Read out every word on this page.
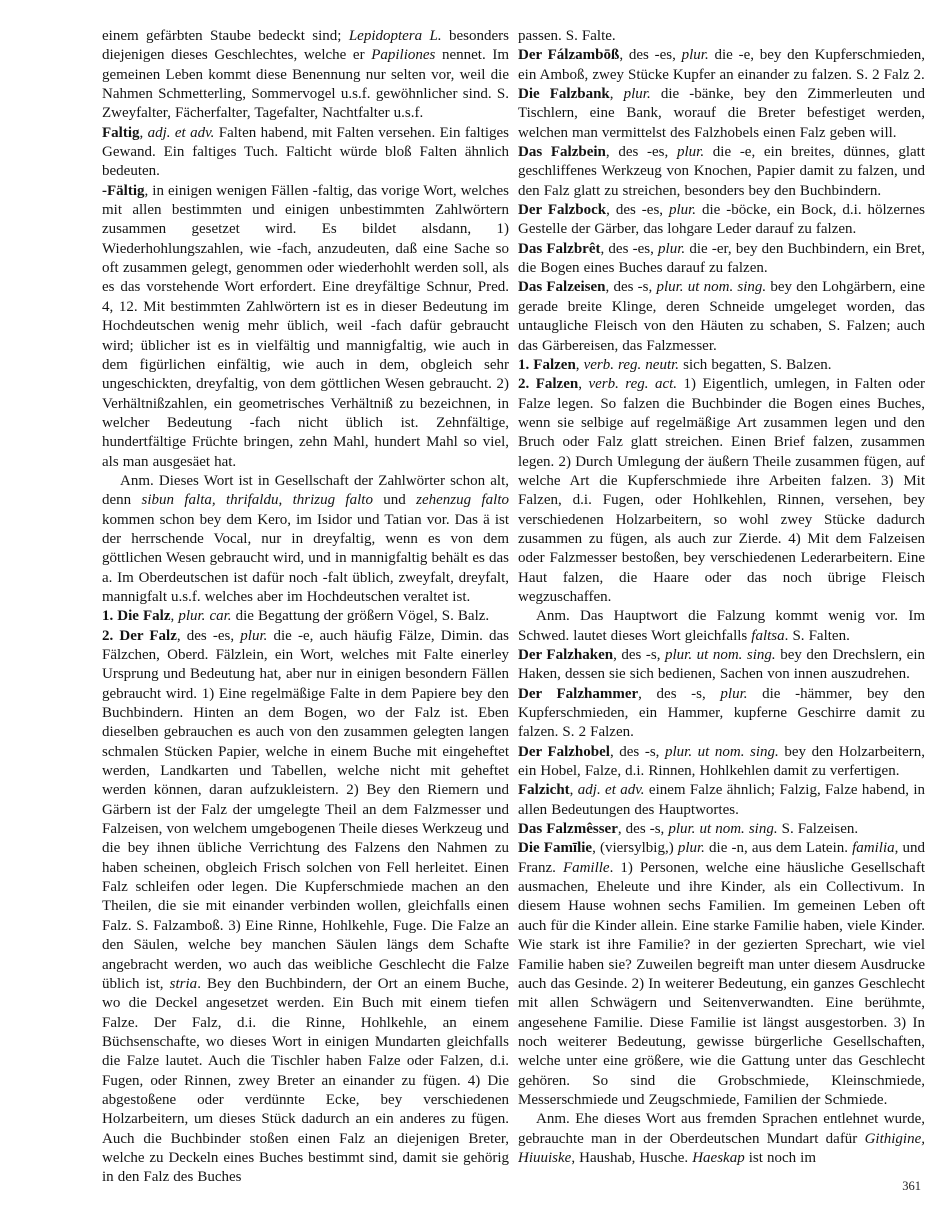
einem gefärbten Staube bedeckt sind; Lepidoptera L. besonders diejenigen dieses Geschlechtes, welche er Papiliones nennet. Im gemeinen Leben kommt diese Benennung nur selten vor, weil die Nahmen Schmetterling, Sommervogel u.s.f. gewöhnlicher sind. S. Zweyfalter, Fächerfalter, Tagefalter, Nachtfalter u.s.f.

Faltig, adj. et adv. Falten habend, mit Falten versehen. Ein faltiges Gewand. Ein faltiges Tuch. Falticht würde bloß Falten ähnlich bedeuten.

-Fältig, in einigen wenigen Fällen -faltig, das vorige Wort, welches mit allen bestimmten und einigen unbestimmten Zahlwörtern zusammen gesetzet wird. Es bildet alsdann, 1) Wiederhohlungszahlen, wie -fach, anzudeuten, daß eine Sache so oft zusammen gelegt, genommen oder wiederhohlt werden soll, als es das vorstehende Wort erfordert. Eine dreyfältige Schnur, Pred. 4, 12. Mit bestimmten Zahlwörtern ist es in dieser Bedeutung im Hochdeutschen wenig mehr üblich, weil -fach dafür gebraucht wird; üblicher ist es in vielfältig und mannigfaltig, wie auch in dem figürlichen einfältig, wie auch in dem, obgleich sehr ungeschickten, dreyfaltig, von dem göttlichen Wesen gebraucht. 2) Verhältnißzahlen, ein geometrisches Verhältniß zu bezeichnen, in welcher Bedeutung -fach nicht üblich ist. Zehnfältige, hundertfältige Früchte bringen, zehn Mahl, hundert Mahl so viel, als man ausgesäet hat.

Anm. Dieses Wort ist in Gesellschaft der Zahlwörter schon alt, denn sibun falta, thrifaldu, thrizug falto und zehenzug falto kommen schon bey dem Kero, im Isidor und Tatian vor. Das ä ist der herrschende Vocal, nur in dreyfaltig, wenn es von dem göttlichen Wesen gebraucht wird, und in mannigfaltig behält es das a. Im Oberdeutschen ist dafür noch -falt üblich, zweyfalt, dreyfalt, mannigfalt u.s.f. welches aber im Hochdeutschen veraltet ist.

1. Die Falz, plur. car. die Begattung der größern Vögel, S. Balz.

2. Der Falz, des -es, plur. die -e, auch häufig Fälze, Dimin. das Fälzchen, Oberd. Fälzlein, ein Wort, welches mit Falte einerley Ursprung und Bedeutung hat, aber nur in einigen besondern Fällen gebraucht wird. 1) Eine regelmäßige Falte in dem Papiere bey den Buchbindern. Hinten an dem Bogen, wo der Falz ist. Eben dieselben gebrauchen es auch von den zusammen gelegten langen schmalen Stücken Papier, welche in einem Buche mit eingeheftet werden, Landkarten und Tabellen, welche nicht mit geheftet werden können, daran aufzukleistern. 2) Bey den Riemern und Gärbern ist der Falz der umgelegte Theil an dem Falzmesser und Falzeisen, von welchem umgebogenen Theile dieses Werkzeug und die bey ihnen übliche Verrichtung des Falzens den Nahmen zu haben scheinen, obgleich Frisch solchen von Fell herleitet. Einen Falz schleifen oder legen. Die Kupferschmiede machen an den Theilen, die sie mit einander verbinden wollen, gleichfalls einen Falz. S. Falzamboß. 3) Eine Rinne, Hohlkehle, Fuge. Die Falze an den Säulen, welche bey manchen Säulen längs dem Schafte angebracht werden, wo auch das weibliche Geschlecht die Falze üblich ist, stria. Bey den Buchbindern, der Ort an einem Buche, wo die Deckel angesetzet werden. Ein Buch mit einem tiefen Falze. Der Falz, d.i. die Rinne, Hohlkehle, an einem Büchsenschafte, wo dieses Wort in einigen Mundarten gleichfalls die Falze lautet. Auch die Tischler haben Falze oder Falzen, d.i. Fugen, oder Rinnen, zwey Breter an einander zu fügen. 4) Die abgestoßene oder verdünnte Ecke, bey verschiedenen Holzarbeitern, um dieses Stück dadurch an ein anderes zu fügen. Auch die Buchbinder stoßen einen Falz an diejenigen Breter, welche zu Deckeln eines Buches bestimmt sind, damit sie gehörig in den Falz des Buches

passen. S. Falte.

Der Fálzambōß, des -es, plur. die -e, bey den Kupferschmieden, ein Amboß, zwey Stücke Kupfer an einander zu falzen. S. 2 Falz 2.

Die Falzbank, plur. die -bänke, bey den Zimmerleuten und Tischlern, eine Bank, worauf die Breter befestiget werden, welchen man vermittelst des Falzhobels einen Falz geben will.

Das Falzbein, des -es, plur. die -e, ein breites, dünnes, glatt geschliffenes Werkzeug von Knochen, Papier damit zu falzen, und den Falz glatt zu streichen, besonders bey den Buchbindern.

Der Falzbock, des -es, plur. die -böcke, ein Bock, d.i. hölzernes Gestelle der Gärber, das lohgare Leder darauf zu falzen.

Das Falzbrêt, des -es, plur. die -er, bey den Buchbindern, ein Bret, die Bogen eines Buches darauf zu falzen.

Das Falzeisen, des -s, plur. ut nom. sing. bey den Lohgärbern, eine gerade breite Klinge, deren Schneide umgeleget worden, das untaugliche Fleisch von den Häuten zu schaben, S. Falzen; auch das Gärbereisen, das Falzmesser.

1. Falzen, verb. reg. neutr. sich begatten, S. Balzen.

2. Falzen, verb. reg. act. 1) Eigentlich, umlegen, in Falten oder Falze legen. So falzen die Buchbinder die Bogen eines Buches, wenn sie selbige auf regelmäßige Art zusammen legen und den Bruch oder Falz glatt streichen. Einen Brief falzen, zusammen legen. 2) Durch Umlegung der äußern Theile zusammen fügen, auf welche Art die Kupferschmiede ihre Arbeiten falzen. 3) Mit Falzen, d.i. Fugen, oder Hohlkehlen, Rinnen, versehen, bey verschiedenen Holzarbeitern, so wohl zwey Stücke dadurch zusammen zu fügen, als auch zur Zierde. 4) Mit dem Falzeisen oder Falzmesser bestoßen, bey verschiedenen Lederarbeitern. Eine Haut falzen, die Haare oder das noch übrige Fleisch wegzuschaffen.

Anm. Das Hauptwort die Falzung kommt wenig vor. Im Schwed. lautet dieses Wort gleichfalls faltsa. S. Falten.

Der Falzhaken, des -s, plur. ut nom. sing. bey den Drechslern, ein Haken, dessen sie sich bedienen, Sachen von innen auszudrehen.

Der Falzhammer, des -s, plur. die -hämmer, bey den Kupferschmieden, ein Hammer, kupferne Geschirre damit zu falzen. S. 2 Falzen.

Der Falzhobel, des -s, plur. ut nom. sing. bey den Holzarbeitern, ein Hobel, Falze, d.i. Rinnen, Hohlkehlen damit zu verfertigen.

Falzicht, adj. et adv. einem Falze ähnlich; Falzig, Falze habend, in allen Bedeutungen des Hauptwortes.

Das Falzmêsser, des -s, plur. ut nom. sing. S. Falzeisen.

Die Famīlie, (viersylbig,) plur. die -n, aus dem Latein. familia, und Franz. Famille. 1) Personen, welche eine häusliche Gesellschaft ausmachen, Eheleute und ihre Kinder, als ein Collectivum. In diesem Hause wohnen sechs Familien. Im gemeinen Leben oft auch für die Kinder allein. Eine starke Familie haben, viele Kinder. Wie stark ist ihre Familie? in der gezierten Sprechart, wie viel Familie haben sie? Zuweilen begreift man unter diesem Ausdrucke auch das Gesinde. 2) In weiterer Bedeutung, ein ganzes Geschlecht mit allen Schwägern und Seitenverwandten. Eine berühmte, angesehene Familie. Diese Familie ist längst ausgestorben. 3) In noch weiterer Bedeutung, gewisse bürgerliche Gesellschaften, welche unter eine größere, wie die Gattung unter das Geschlecht gehören. So sind die Grobschmiede, Kleinschmiede, Messerschmiede und Zeugschmiede, Familien der Schmiede.

Anm. Ehe dieses Wort aus fremden Sprachen entlehnet wurde, gebrauchte man in der Oberdeutschen Mundart dafür Githigine, Hiuuiske, Haushab, Husche. Haeskap ist noch im

361
